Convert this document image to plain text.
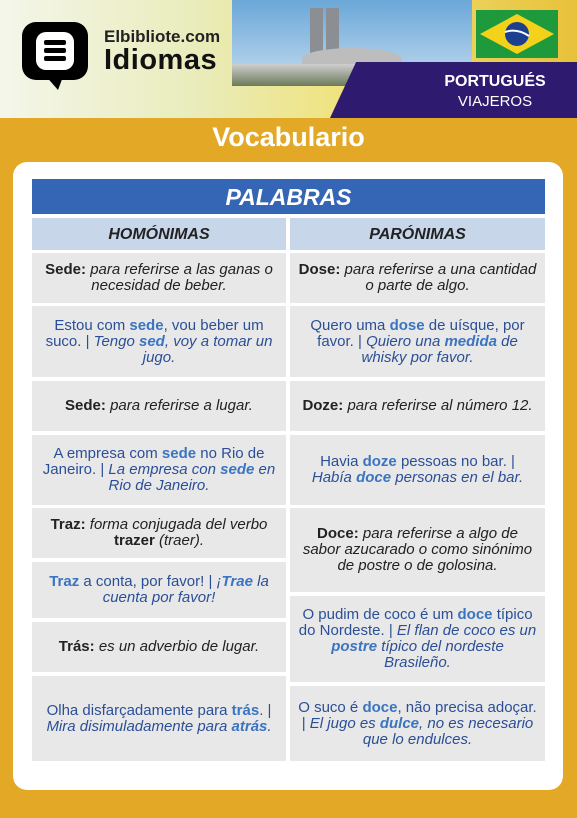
PORTUGUÉS
VIAJEROS
Elbibliote.com
Idiomas
Vocabulario
PALABRAS
HOMÓNIMAS	PARÓNIMAS
Sede: para referirse a las ganas o necesidad de beber.
Estou com sede, vou beber um suco. | Tengo sed, voy a tomar un jugo.
Sede: para referirse a lugar.
A empresa com sede no Rio de Janeiro. | La empresa con sede en Rio de Janeiro.
Traz: forma conjugada del verbo trazer (traer).
Traz a conta, por favor! | ¡Trae la cuenta por favor!
Trás: es un adverbio de lugar.
Olha disfarçadamente para trás. | Mira disimuladamente para atrás.
Dose: para referirse a una cantidad o parte de algo.
Quero uma dose de uísque, por favor. | Quiero una medida de whisky por favor.
Doze: para referirse al número 12.
Havia doze pessoas no bar. | Había doce personas en el bar.
Doce: para referirse a algo de sabor azucarado o como sinónimo de postre o de golosina.
O pudim de coco é um doce típico do Nordeste. | El flan de coco es un postre típico del nordeste Brasileño.
O suco é doce, não precisa adoçar. | El jugo es dulce, no es necesario que lo endulces.
